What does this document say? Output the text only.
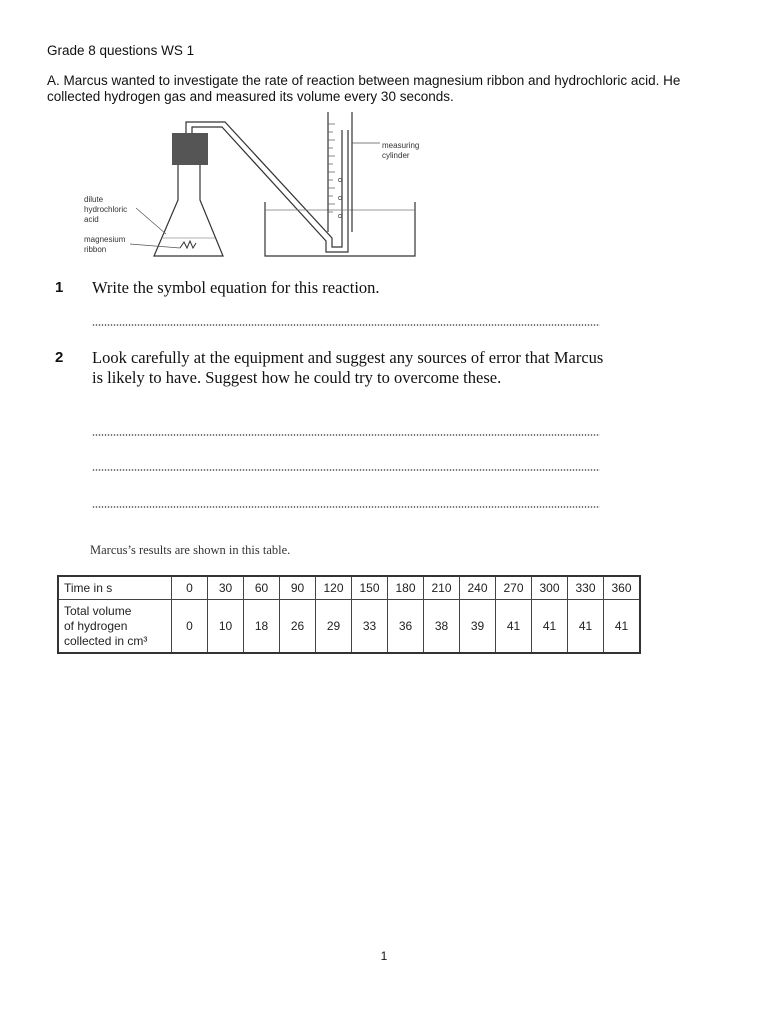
Grade 8 questions WS 1
A. Marcus wanted to investigate the rate of reaction between magnesium ribbon and hydrochloric acid. He collected hydrogen gas and measured its volume every 30 seconds.
measuring
cylinder
dilute
hydrochloric
acid
magnesium
ribbon
1 Write the symbol equation for this reaction.
2 Look carefully at the equipment and suggest any sources of error that Marcus is likely to have. Suggest how he could try to overcome these.
Marcus’s results are shown in this table.
Time in s	0	30	60	90	120	150	180	210	240	270	300	330	360

Total volume
of hydrogen
collected in cm³	0	10	18	26	29	33	36	38	39	41	41	41	41
1
